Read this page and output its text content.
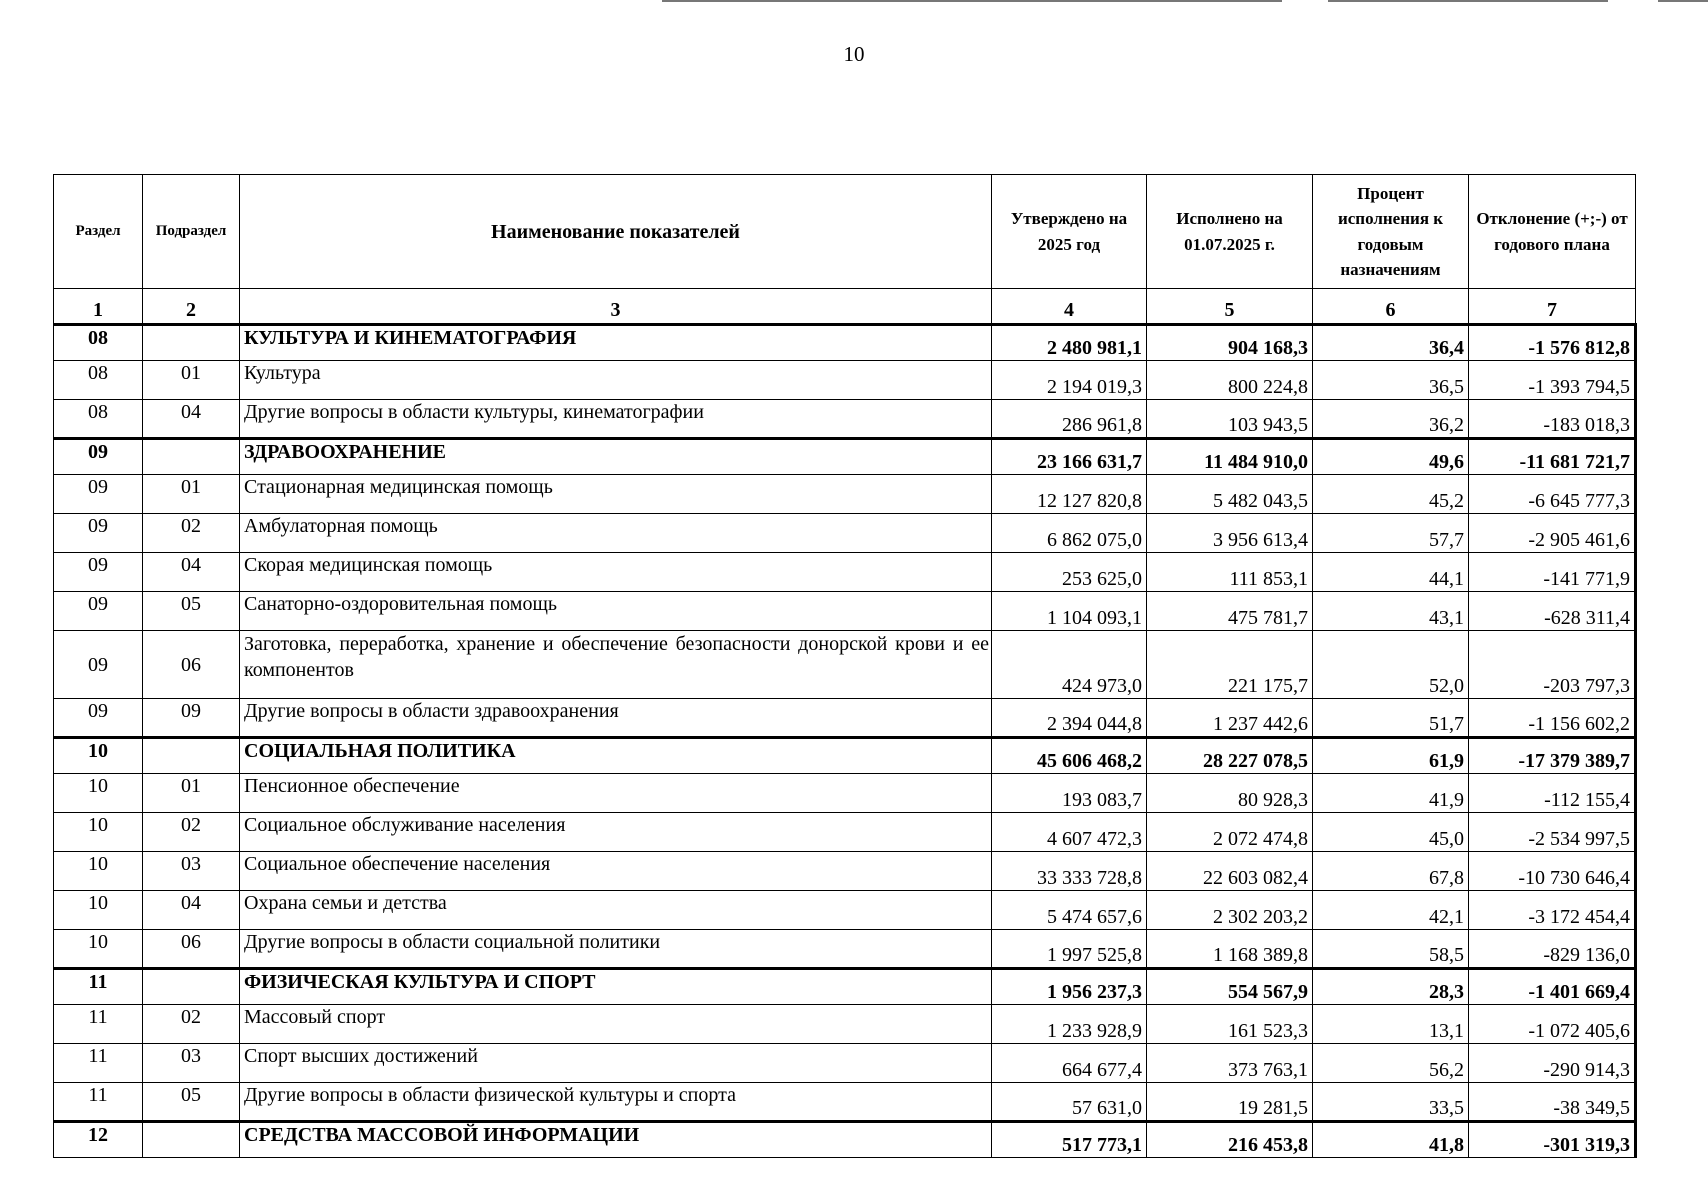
10
Раздел	Подраздел	Наименование показателей	Утверждено на 2025 год	Исполнено на 01.07.2025 г.	Процент исполнения к годовым назначениям	Отклонение (+;-) от годового плана
1	2	3	4	5	6	7
08		КУЛЬТУРА И КИНЕМАТОГРАФИЯ	2 480 981,1	904 168,3	36,4	-1 576 812,8
08	01	Культура	2 194 019,3	800 224,8	36,5	-1 393 794,5
08	04	Другие вопросы в области культуры, кинематографии	286 961,8	103 943,5	36,2	-183 018,3
09		ЗДРАВООХРАНЕНИЕ	23 166 631,7	11 484 910,0	49,6	-11 681 721,7
09	01	Стационарная медицинская помощь	12 127 820,8	5 482 043,5	45,2	-6 645 777,3
09	02	Амбулаторная помощь	6 862 075,0	3 956 613,4	57,7	-2 905 461,6
09	04	Скорая медицинская помощь	253 625,0	111 853,1	44,1	-141 771,9
09	05	Санаторно-оздоровительная помощь	1 104 093,1	475 781,7	43,1	-628 311,4
09	06	Заготовка, переработка, хранение и обеспечение безопасности донорской крови и ее компонентов	424 973,0	221 175,7	52,0	-203 797,3
09	09	Другие вопросы в области здравоохранения	2 394 044,8	1 237 442,6	51,7	-1 156 602,2
10		СОЦИАЛЬНАЯ ПОЛИТИКА	45 606 468,2	28 227 078,5	61,9	-17 379 389,7
10	01	Пенсионное обеспечение	193 083,7	80 928,3	41,9	-112 155,4
10	02	Социальное обслуживание населения	4 607 472,3	2 072 474,8	45,0	-2 534 997,5
10	03	Социальное обеспечение населения	33 333 728,8	22 603 082,4	67,8	-10 730 646,4
10	04	Охрана семьи и детства	5 474 657,6	2 302 203,2	42,1	-3 172 454,4
10	06	Другие вопросы в области социальной политики	1 997 525,8	1 168 389,8	58,5	-829 136,0
11		ФИЗИЧЕСКАЯ КУЛЬТУРА И СПОРТ	1 956 237,3	554 567,9	28,3	-1 401 669,4
11	02	Массовый спорт	1 233 928,9	161 523,3	13,1	-1 072 405,6
11	03	Спорт высших достижений	664 677,4	373 763,1	56,2	-290 914,3
11	05	Другие вопросы в области физической культуры и спорта	57 631,0	19 281,5	33,5	-38 349,5
12		СРЕДСТВА МАССОВОЙ ИНФОРМАЦИИ	517 773,1	216 453,8	41,8	-301 319,3
